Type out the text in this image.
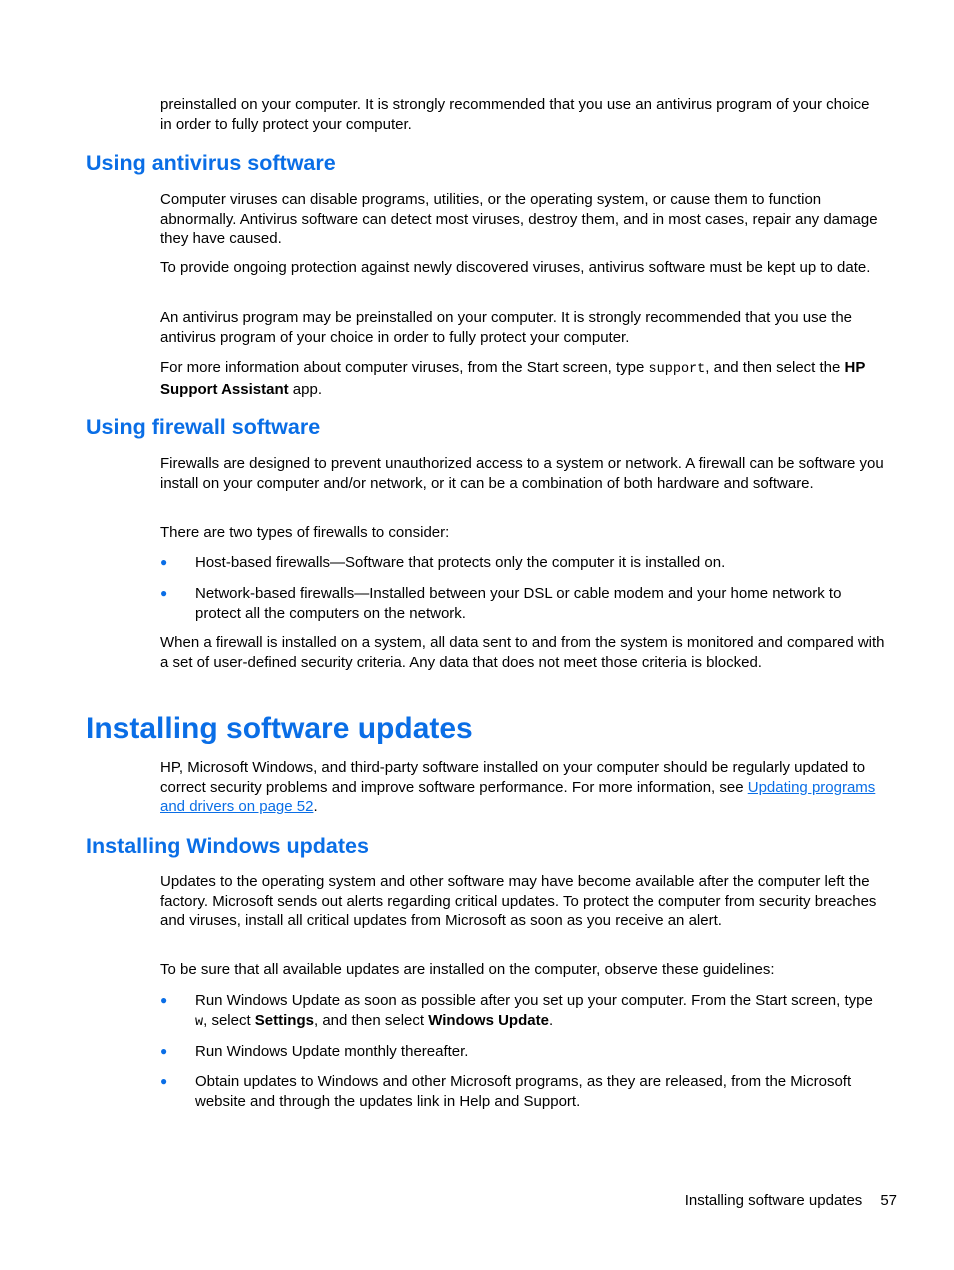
preinstalled on your computer. It is strongly recommended that you use an antivirus program of your choice in order to fully protect your computer.

Using antivirus software

Computer viruses can disable programs, utilities, or the operating system, or cause them to function abnormally. Antivirus software can detect most viruses, destroy them, and in most cases, repair any damage they have caused.

To provide ongoing protection against newly discovered viruses, antivirus software must be kept up to date.

An antivirus program may be preinstalled on your computer. It is strongly recommended that you use the antivirus program of your choice in order to fully protect your computer.

For more information about computer viruses, from the Start screen, type support, and then select the HP Support Assistant app.

Using firewall software

Firewalls are designed to prevent unauthorized access to a system or network. A firewall can be software you install on your computer and/or network, or it can be a combination of both hardware and software.

There are two types of firewalls to consider:

● Host-based firewalls—Software that protects only the computer it is installed on.

● Network-based firewalls—Installed between your DSL or cable modem and your home network to protect all the computers on the network.

When a firewall is installed on a system, all data sent to and from the system is monitored and compared with a set of user-defined security criteria. Any data that does not meet those criteria is blocked.

Installing software updates

HP, Microsoft Windows, and third-party software installed on your computer should be regularly updated to correct security problems and improve software performance. For more information, see Updating programs and drivers on page 52.

Installing Windows updates

Updates to the operating system and other software may have become available after the computer left the factory. Microsoft sends out alerts regarding critical updates. To protect the computer from security breaches and viruses, install all critical updates from Microsoft as soon as you receive an alert.

To be sure that all available updates are installed on the computer, observe these guidelines:

● Run Windows Update as soon as possible after you set up your computer. From the Start screen, type w, select Settings, and then select Windows Update.

● Run Windows Update monthly thereafter.

● Obtain updates to Windows and other Microsoft programs, as they are released, from the Microsoft website and through the updates link in Help and Support.

Installing software updates 57
